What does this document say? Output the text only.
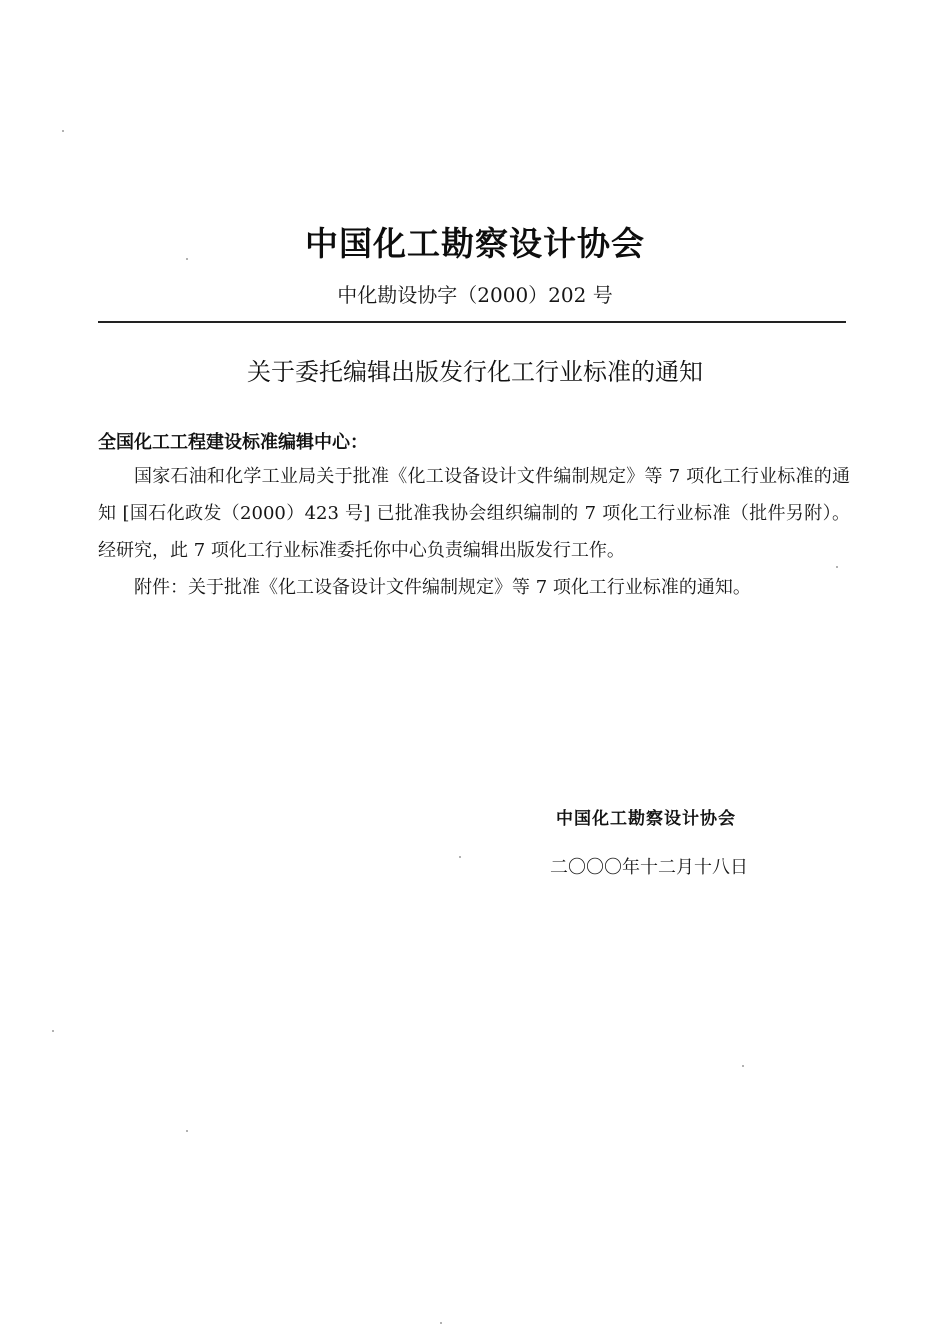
中国化工勘察设计协会
中化勘设协字（2000）202 号
关于委托编辑出版发行化工行业标准的通知
全国化工工程建设标准编辑中心：

国家石油和化学工业局关于批准《化工设备设计文件编制规定》等 7 项化工行业标准的通知 [国石化政发（2000）423 号] 已批准我协会组织编制的 7 项化工行业标准（批件另附）。经研究，此 7 项化工行业标准委托你中心负责编辑出版发行工作。

附件：关于批准《化工设备设计文件编制规定》等 7 项化工行业标准的通知。

中国化工勘察设计协会
二〇〇〇年十二月十八日
